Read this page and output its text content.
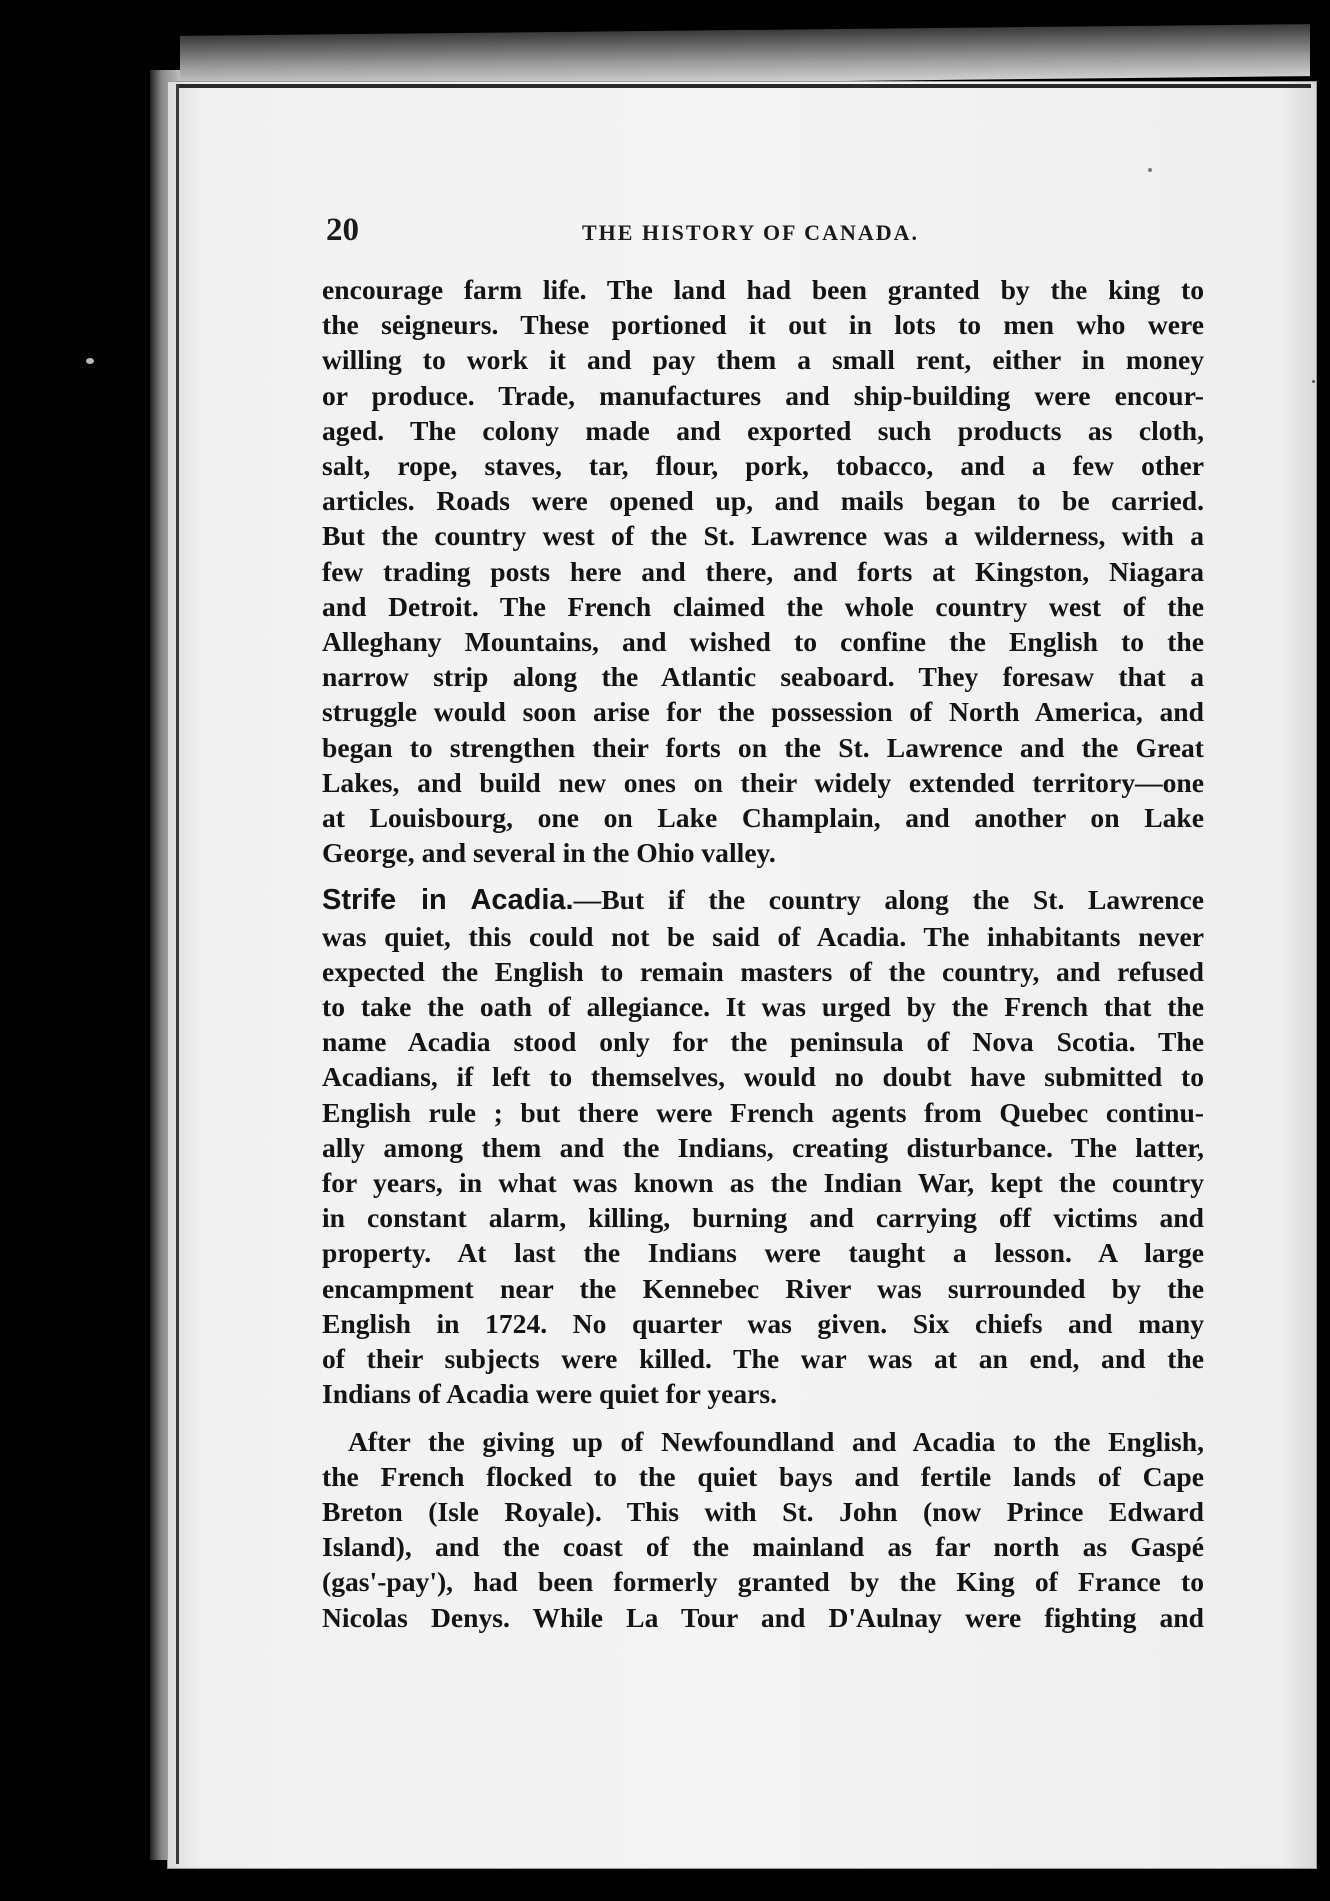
20	THE HISTORY OF CANADA.
encourage farm life. The land had been granted by the king to
the seigneurs. These portioned it out in lots to men who were
willing to work it and pay them a small rent, either in money
or produce. Trade, manufactures and ship-building were encour-
aged. The colony made and exported such products as cloth,
salt, rope, staves, tar, flour, pork, tobacco, and a few other
articles. Roads were opened up, and mails began to be carried.
But the country west of the St. Lawrence was a wilderness, with a
few trading posts here and there, and forts at Kingston, Niagara
and Detroit. The French claimed the whole country west of the
Alleghany Mountains, and wished to confine the English to the
narrow strip along the Atlantic seaboard. They foresaw that a
struggle would soon arise for the possession of North America, and
began to strengthen their forts on the St. Lawrence and the Great
Lakes, and build new ones on their widely extended territory—one
at Louisbourg, one on Lake Champlain, and another on Lake
George, and several in the Ohio valley.
Strife in Acadia.—But if the country along the St. Lawrence
was quiet, this could not be said of Acadia. The inhabitants never
expected the English to remain masters of the country, and refused
to take the oath of allegiance. It was urged by the French that the
name Acadia stood only for the peninsula of Nova Scotia. The
Acadians, if left to themselves, would no doubt have submitted to
English rule ; but there were French agents from Quebec continu-
ally among them and the Indians, creating disturbance. The latter,
for years, in what was known as the Indian War, kept the country
in constant alarm, killing, burning and carrying off victims and
property. At last the Indians were taught a lesson. A large
encampment near the Kennebec River was surrounded by the
English in 1724. No quarter was given. Six chiefs and many
of their subjects were killed. The war was at an end, and the
Indians of Acadia were quiet for years.
After the giving up of Newfoundland and Acadia to the English,
the French flocked to the quiet bays and fertile lands of Cape
Breton (Isle Royale). This with St. John (now Prince Edward
Island), and the coast of the mainland as far north as Gaspé
(gas'-pay'), had been formerly granted by the King of France to
Nicolas Denys. While La Tour and D'Aulnay were fighting and
